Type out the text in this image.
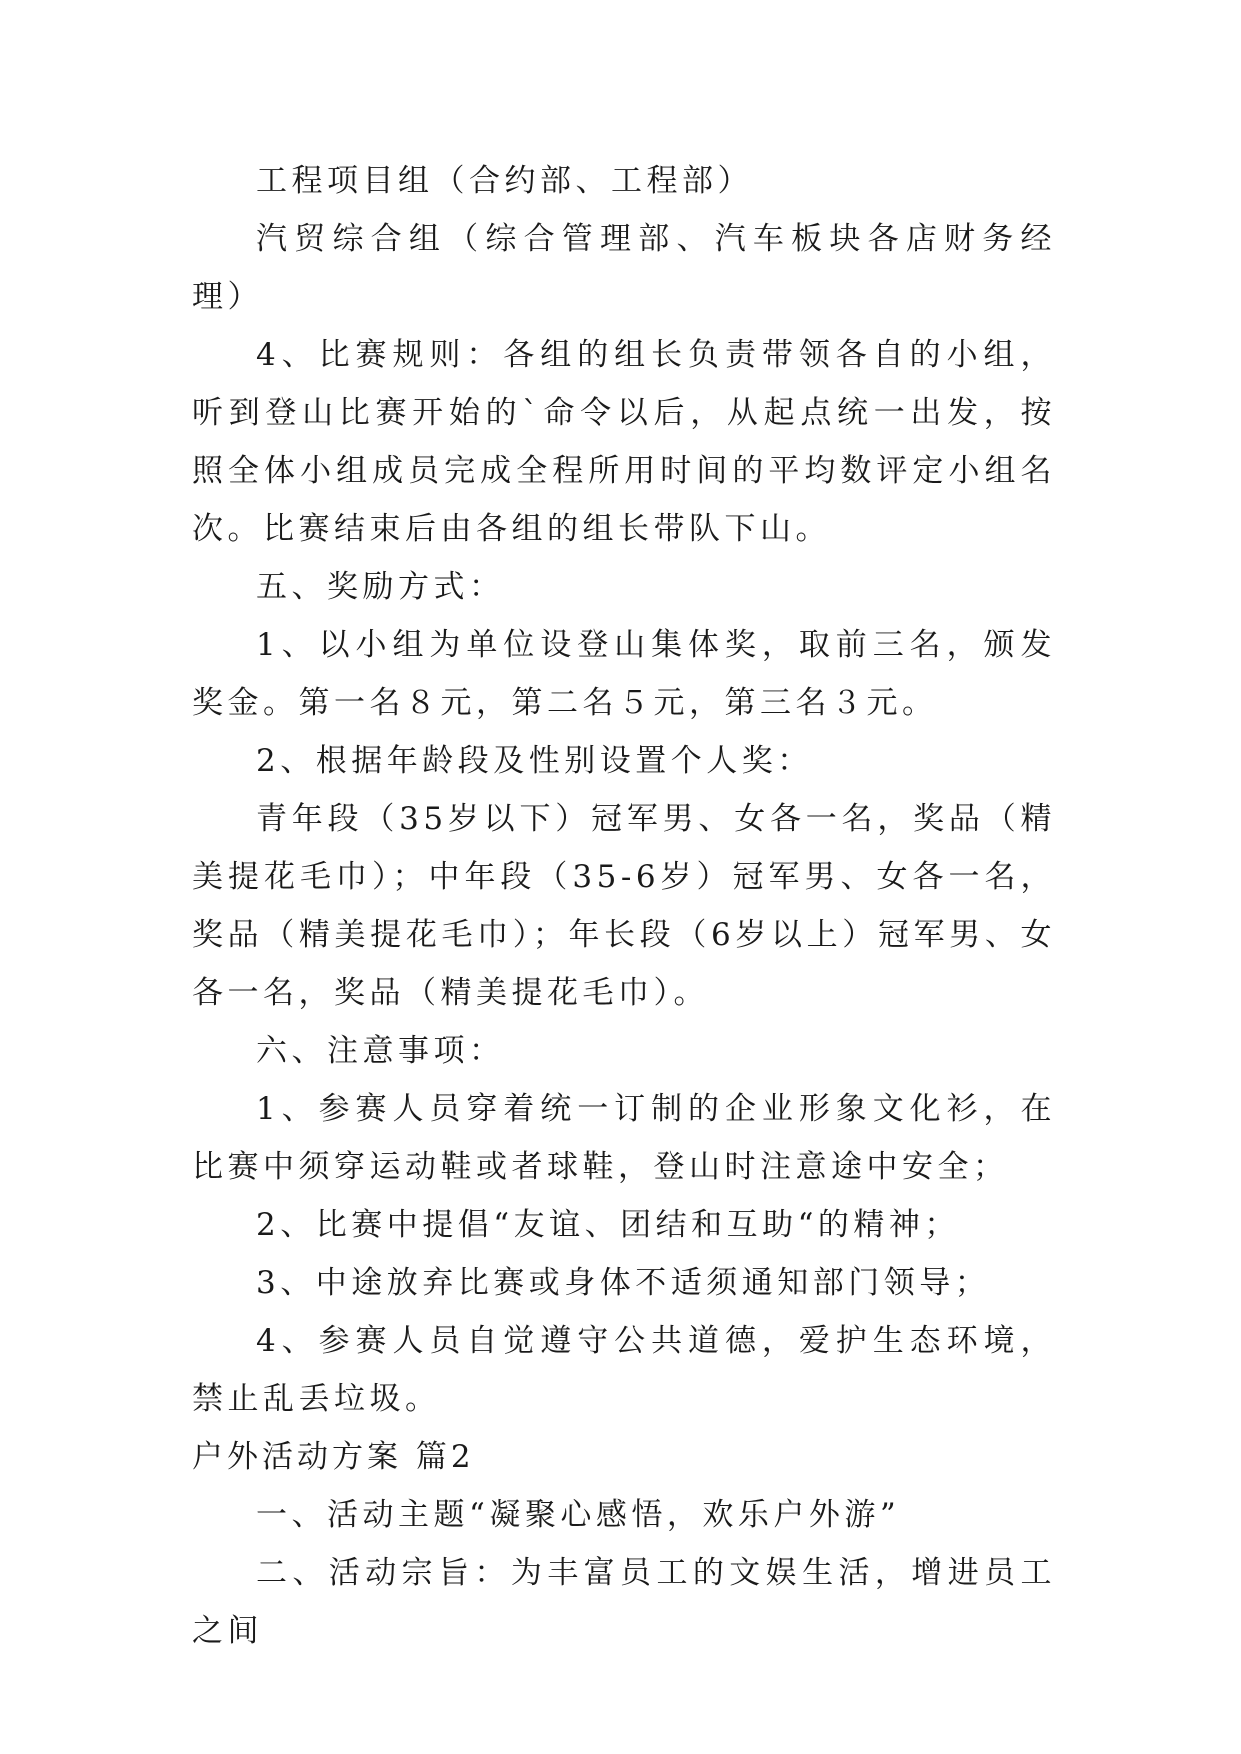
工程项目组（合约部、工程部）

汽贸综合组（综合管理部、汽车板块各店财务经理）

4、比赛规则：各组的组长负责带领各自的小组，听到登山比赛开始的`命令以后，从起点统一出发，按照全体小组成员完成全程所用时间的平均数评定小组名次。比赛结束后由各组的组长带队下山。

五、奖励方式：

1、以小组为单位设登山集体奖，取前三名，颁发奖金。第一名８元，第二名５元，第三名３元。

2、根据年龄段及性别设置个人奖：

青年段（35岁以下）冠军男、女各一名，奖品（精美提花毛巾）；中年段（35-6岁）冠军男、女各一名，奖品（精美提花毛巾）；年长段（6岁以上）冠军男、女各一名，奖品（精美提花毛巾）。

六、注意事项：

1、参赛人员穿着统一订制的企业形象文化衫，在比赛中须穿运动鞋或者球鞋，登山时注意途中安全；

2、比赛中提倡“友谊、团结和互助“的精神；

3、中途放弃比赛或身体不适须通知部门领导；

4、参赛人员自觉遵守公共道德，爱护生态环境，禁止乱丢垃圾。

户外活动方案 篇2

一、活动主题“凝聚心感悟，欢乐户外游”

二、活动宗旨：为丰富员工的文娱生活，增进员工之间
